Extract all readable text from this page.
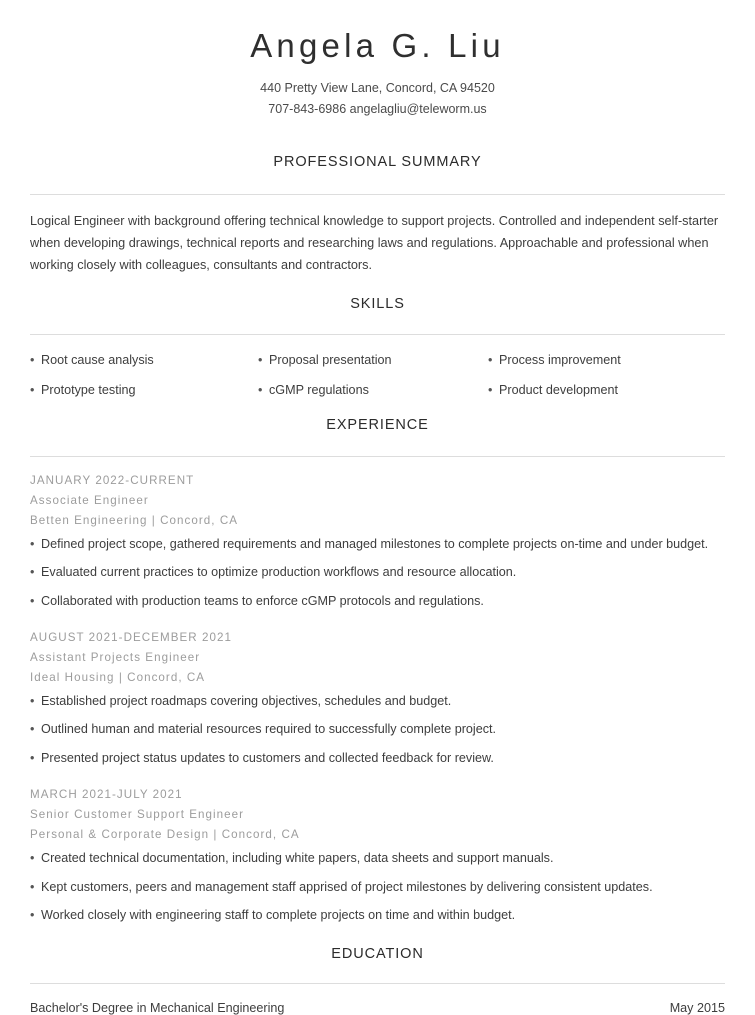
Angela G. Liu
440 Pretty View Lane, Concord, CA 94520
707-843-6986 angelagliu@teleworm.us
PROFESSIONAL SUMMARY

Logical Engineer with background offering technical knowledge to support projects. Controlled and independent self-starter when developing drawings, technical reports and researching laws and regulations. Approachable and professional when working closely with colleagues, consultants and contractors.

SKILLS
• Root cause analysis
• Prototype testing
• Proposal presentation
• cGMP regulations
• Process improvement
• Product development
EXPERIENCE
JANUARY 2022-CURRENT
Associate Engineer
Betten Engineering | Concord, CA
• Defined project scope, gathered requirements and managed milestones to complete projects on-time and under budget.
• Evaluated current practices to optimize production workflows and resource allocation.
• Collaborated with production teams to enforce cGMP protocols and regulations.
AUGUST 2021-DECEMBER 2021
Assistant Projects Engineer
Ideal Housing | Concord, CA
• Established project roadmaps covering objectives, schedules and budget.
• Outlined human and material resources required to successfully complete project.
• Presented project status updates to customers and collected feedback for review.
MARCH 2021-JULY 2021
Senior Customer Support Engineer
Personal & Corporate Design | Concord, CA
• Created technical documentation, including white papers, data sheets and support manuals.
• Kept customers, peers and management staff apprised of project milestones by delivering consistent updates.
• Worked closely with engineering staff to complete projects on time and within budget.
EDUCATION
Bachelor's Degree in Mechanical Engineering	May 2015
